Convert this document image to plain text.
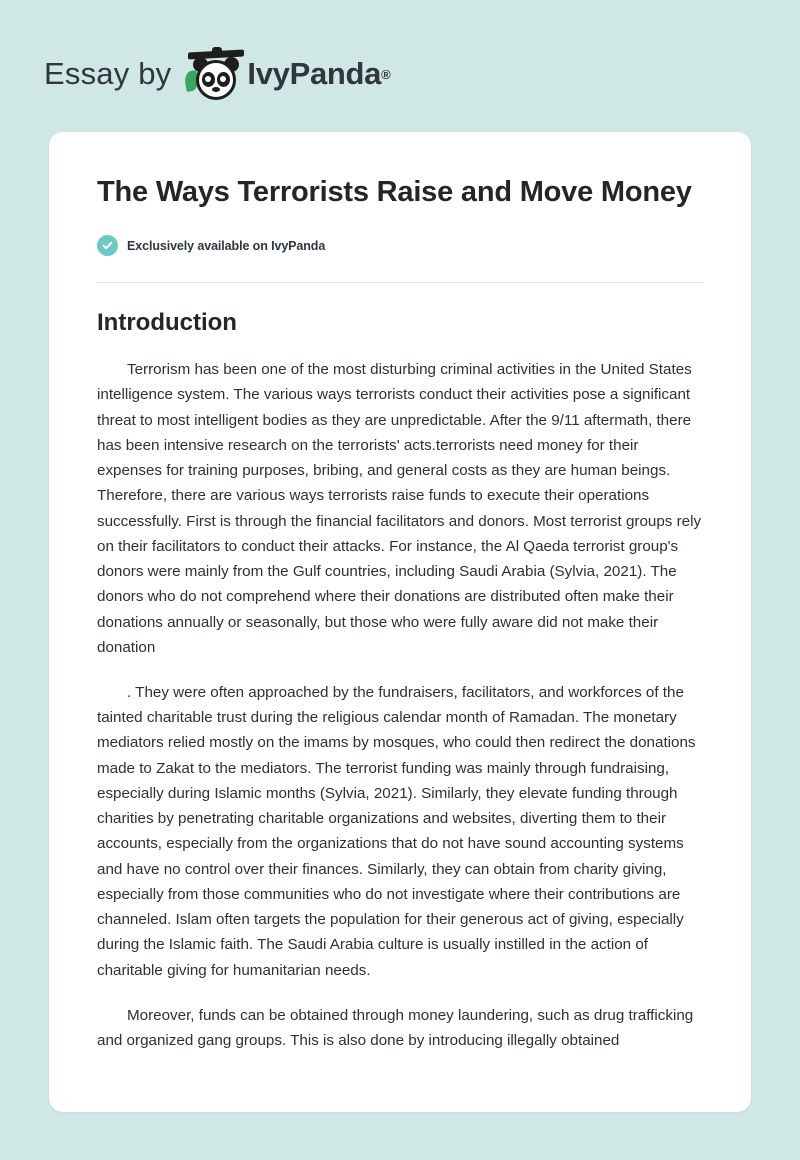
Essay by IvyPanda ®
The Ways Terrorists Raise and Move Money
Exclusively available on IvyPanda
Introduction

Terrorism has been one of the most disturbing criminal activities in the United States intelligence system. The various ways terrorists conduct their activities pose a significant threat to most intelligent bodies as they are unpredictable. After the 9/11 aftermath, there has been intensive research on the terrorists' acts.terrorists need money for their expenses for training purposes, bribing, and general costs as they are human beings. Therefore, there are various ways terrorists raise funds to execute their operations successfully. First is through the financial facilitators and donors. Most terrorist groups rely on their facilitators to conduct their attacks. For instance, the Al Qaeda terrorist group's donors were mainly from the Gulf countries, including Saudi Arabia (Sylvia, 2021). The donors who do not comprehend where their donations are distributed often make their donations annually or seasonally, but those who were fully aware did not make their donation

. They were often approached by the fundraisers, facilitators, and workforces of the tainted charitable trust during the religious calendar month of Ramadan. The monetary mediators relied mostly on the imams by mosques, who could then redirect the donations made to Zakat to the mediators. The terrorist funding was mainly through fundraising, especially during Islamic months (Sylvia, 2021). Similarly, they elevate funding through charities by penetrating charitable organizations and websites, diverting them to their accounts, especially from the organizations that do not have sound accounting systems and have no control over their finances. Similarly, they can obtain from charity giving, especially from those communities who do not investigate where their contributions are channeled. Islam often targets the population for their generous act of giving, especially during the Islamic faith. The Saudi Arabia culture is usually instilled in the action of charitable giving for humanitarian needs.

Moreover, funds can be obtained through money laundering, such as drug trafficking and organized gang groups. This is also done by introducing illegally obtained
